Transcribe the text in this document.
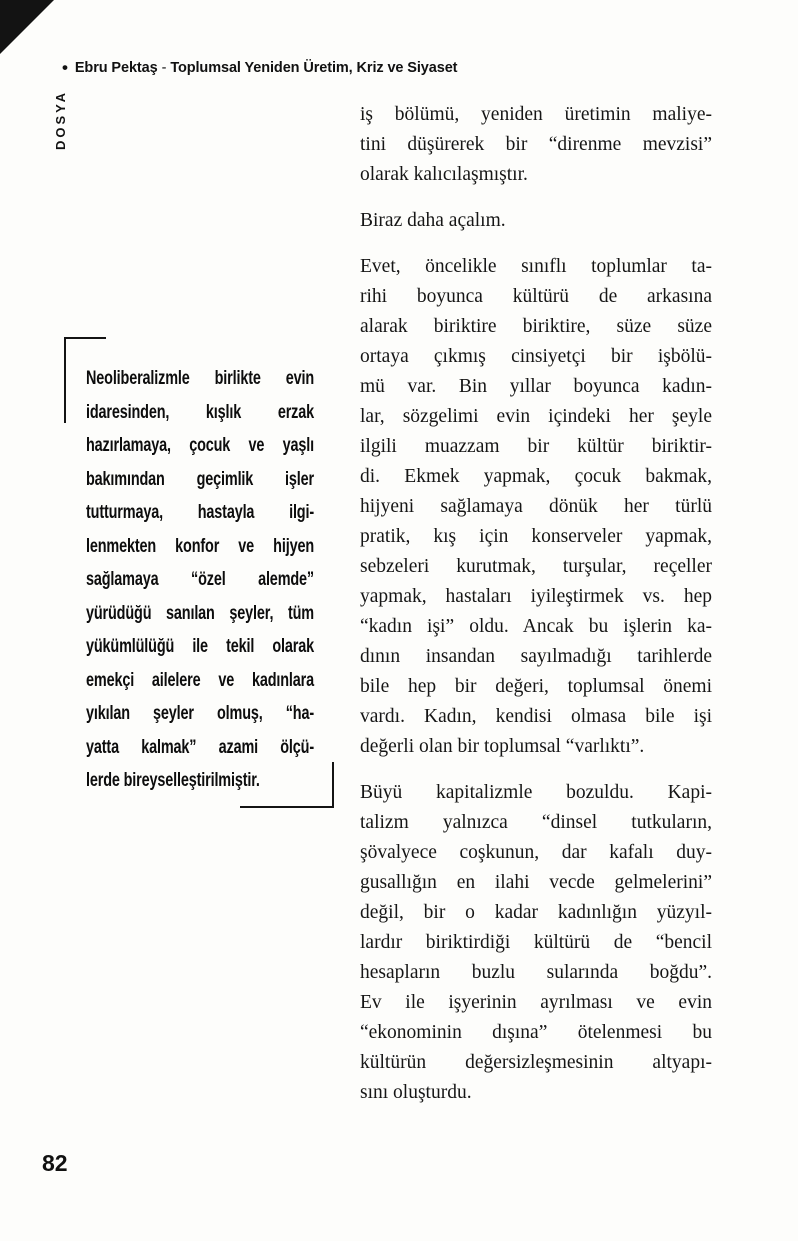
• Ebru Pektaş - Toplumsal Yeniden Üretim, Kriz ve Siyaset
DOSYA
Neoliberalizmle birlikte evin
idaresinden, kışlık erzak
hazırlamaya, çocuk ve yaşlı
bakımından geçimlik işler
tutturmaya, hastayla ilgi-
lenmekten konfor ve hijyen
sağlamaya “özel alemde”
yürüdüğü sanılan şeyler, tüm
yükümlülüğü ile tekil olarak
emekçi ailelere ve kadınlara
yıkılan şeyler olmuş, “ha-
yatta kalmak” azami ölçü-
lerde bireyselleştirilmiştir.
iş bölümü, yeniden üretimin maliye-
tini düşürerek bir “direnme mevzisi”
olarak kalıcılaşmıştır.
Biraz daha açalım.
Evet, öncelikle sınıflı toplumlar ta-
rihi boyunca kültürü de arkasına
alarak biriktire biriktire, süze süze
ortaya çıkmış cinsiyetçi bir işbölü-
mü var. Bin yıllar boyunca kadın-
lar, sözgelimi evin içindeki her şeyle
ilgili muazzam bir kültür biriktir-
di. Ekmek yapmak, çocuk bakmak,
hijyeni sağlamaya dönük her türlü
pratik, kış için konserveler yapmak,
sebzeleri kurutmak, turşular, reçeller
yapmak, hastaları iyileştirmek vs. hep
“kadın işi” oldu. Ancak bu işlerin ka-
dının insandan sayılmadığı tarihlerde
bile hep bir değeri, toplumsal önemi
vardı. Kadın, kendisi olmasa bile işi
değerli olan bir toplumsal “varlıktı”.
Büyü kapitalizmle bozuldu. Kapi-
talizm yalnızca “dinsel tutkuların,
şövalyece coşkunun, dar kafalı duy-
gusallığın en ilahi vecde gelmelerini”
değil, bir o kadar kadınlığın yüzyıl-
lardır biriktirdiği kültürü de “bencil
hesapların buzlu sularında boğdu”.
Ev ile işyerinin ayrılması ve evin
“ekonominin dışına” ötelenmesi bu
kültürün değersizleşmesinin altyapı-
sını oluşturdu.
82
